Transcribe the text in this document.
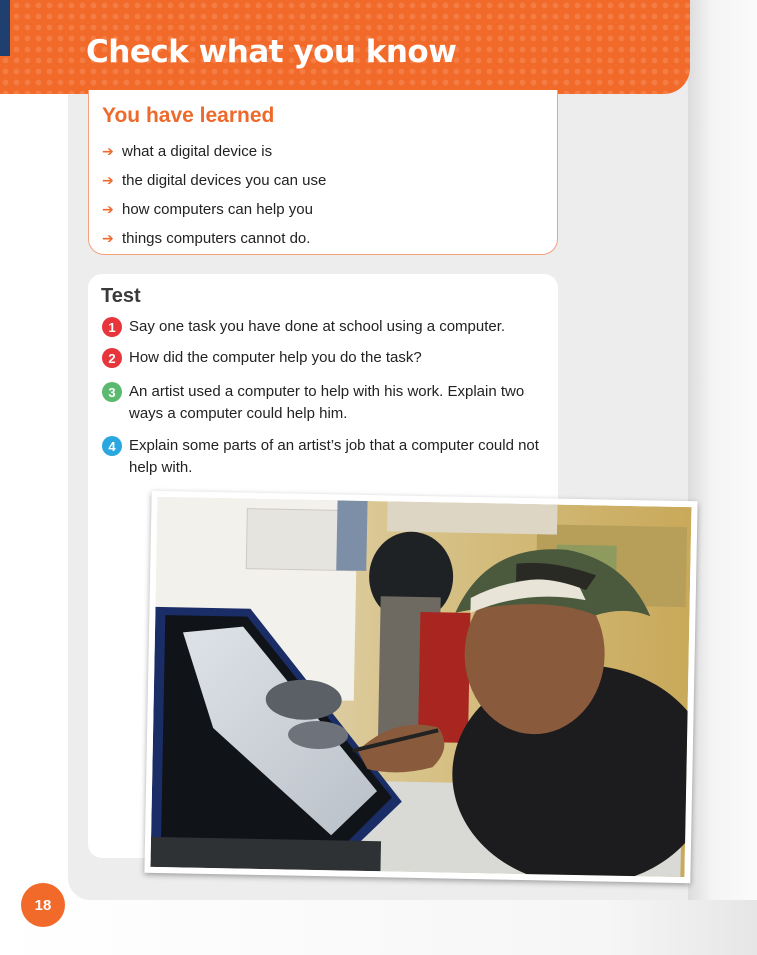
Check what you know
You have learned
➔ what a digital device is
➔ the digital devices you can use
➔ how computers can help you
➔ things computers cannot do.
Test
1 Say one task you have done at school using a computer.
2 How did the computer help you do the task?
3 An artist used a computer to help with his work. Explain two ways a computer could help him.
4 Explain some parts of an artist’s job that a computer could not help with.
18
